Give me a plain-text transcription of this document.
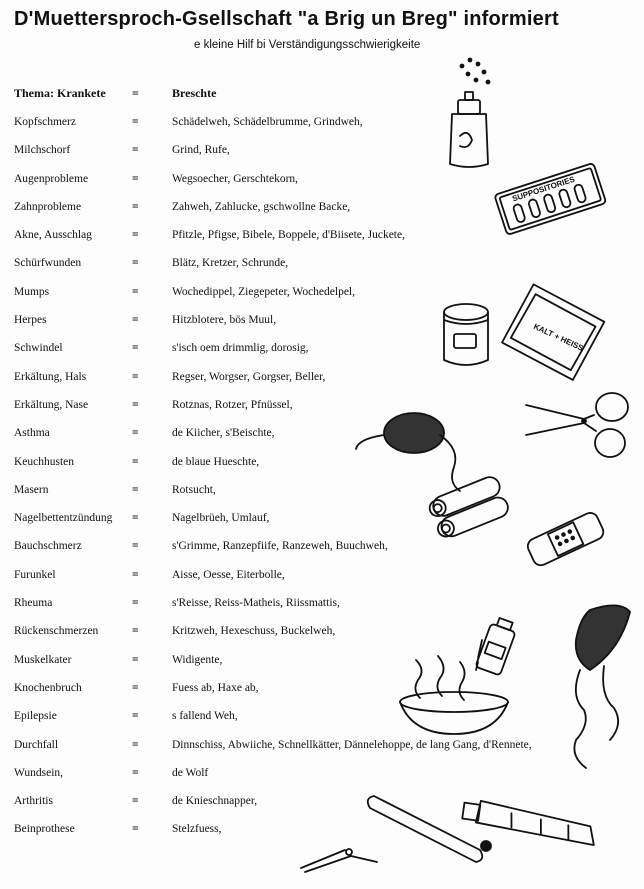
D'Muettersproch-Gsellschaft "a Brig un Breg" informiert
e kleine Hilf bi Verständigungsschwierigkeite
Thema: Krankete =	Breschte
Kopfschmerz	=	Schädelweh, Schädelbrumme, Grindweh,
Milchschorf	=	Grind, Rufe,
Augenprobleme	=	Wegsoecher, Gerschtekorn,
Zahnprobleme	=	Zahweh, Zahlucke, gschwollne Backe,
Akne, Ausschlag	=	Pfitzle, Pfigse, Bibele, Boppele, d'Biisete, Juckete,
Schürfwunden	=	Blätz, Kretzer, Schrunde,
Mumps	=	Wochedippel, Ziegepeter, Wochedelpel,
Herpes	=	Hitzblotere, bös Muul,
Schwindel	=	s'isch oem drimmlig, dorosig,
Erkältung, Hals	=	Regser, Worgser, Gorgser, Beller,
Erkältung, Nase	=	Rotznas, Rotzer, Pfnüssel,
Asthma	=	de Kiicher, s'Beischte,
Keuchhusten	=	de blaue Hueschte,
Masern	=	Rotsucht,
Nagelbettentzündung =	Nagelbrüeh, Umlauf,
Bauchschmerz	=	s'Grimme, Ranzepfiife, Ranzeweh, Buuchweh,
Furunkel	=	Aisse, Oesse, Eiterbolle,
Rheuma	=	s'Reisse, Reiss-Matheis, Riissmattis,
Rückenschmerzen	=	Kritzweh, Hexeschuss, Buckelweh,
Muskelkater	=	Widigente,
Knochenbruch	=	Fuess ab, Haxe ab,
Epilepsie	=	s fallend Weh,
Durchfall	=	Dinnschiss, Abwiiche, Schnellkätter, Dännelehoppe, de lang Gang, d'Rennete,
Wundsein,	=	de Wolf
Arthritis	=	de Knieschnapper,
Beinprothese	=	Stelzfuess,
SUPPOSITORIES
KALT + HEISS
